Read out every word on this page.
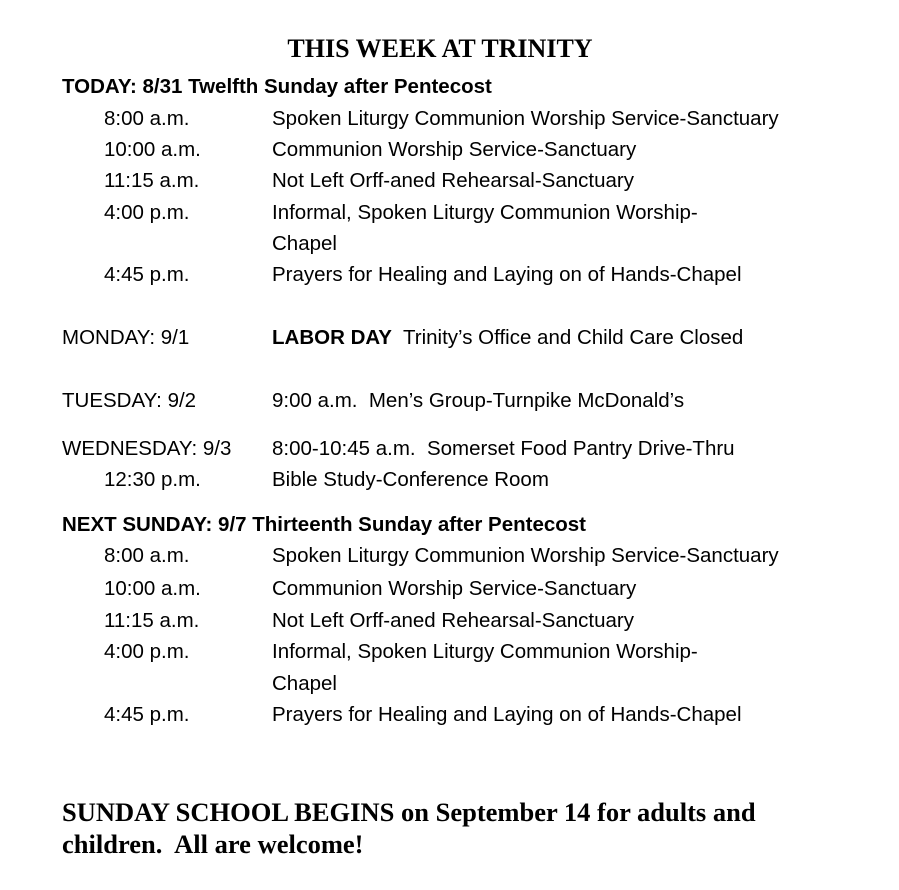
THIS WEEK AT TRINITY
TODAY: 8/31 Twelfth Sunday after Pentecost
8:00 a.m.	Spoken Liturgy Communion Worship Service-Sanctuary
10:00 a.m.	Communion Worship Service-Sanctuary
11:15 a.m.	Not Left Orff-aned Rehearsal-Sanctuary
4:00 p.m.	Informal, Spoken Liturgy Communion Worship-
Chapel
4:45 p.m.	Prayers for Healing and Laying on of Hands-Chapel
MONDAY: 9/1	LABOR DAY  Trinity’s Office and Child Care Closed
TUESDAY: 9/2	9:00 a.m.  Men’s Group-Turnpike McDonald’s
WEDNESDAY: 9/3 8:00-10:45 a.m.  Somerset Food Pantry Drive-Thru
12:30 p.m.	Bible Study-Conference Room
NEXT SUNDAY: 9/7 Thirteenth Sunday after Pentecost
8:00 a.m.	Spoken Liturgy Communion Worship Service-Sanctuary
10:00 a.m.	Communion Worship Service-Sanctuary
11:15 a.m.	Not Left Orff-aned Rehearsal-Sanctuary
4:00 p.m.	Informal, Spoken Liturgy Communion Worship-
Chapel
4:45 p.m.	Prayers for Healing and Laying on of Hands-Chapel
SUNDAY SCHOOL BEGINS on September 14 for adults and
children.  All are welcome!
